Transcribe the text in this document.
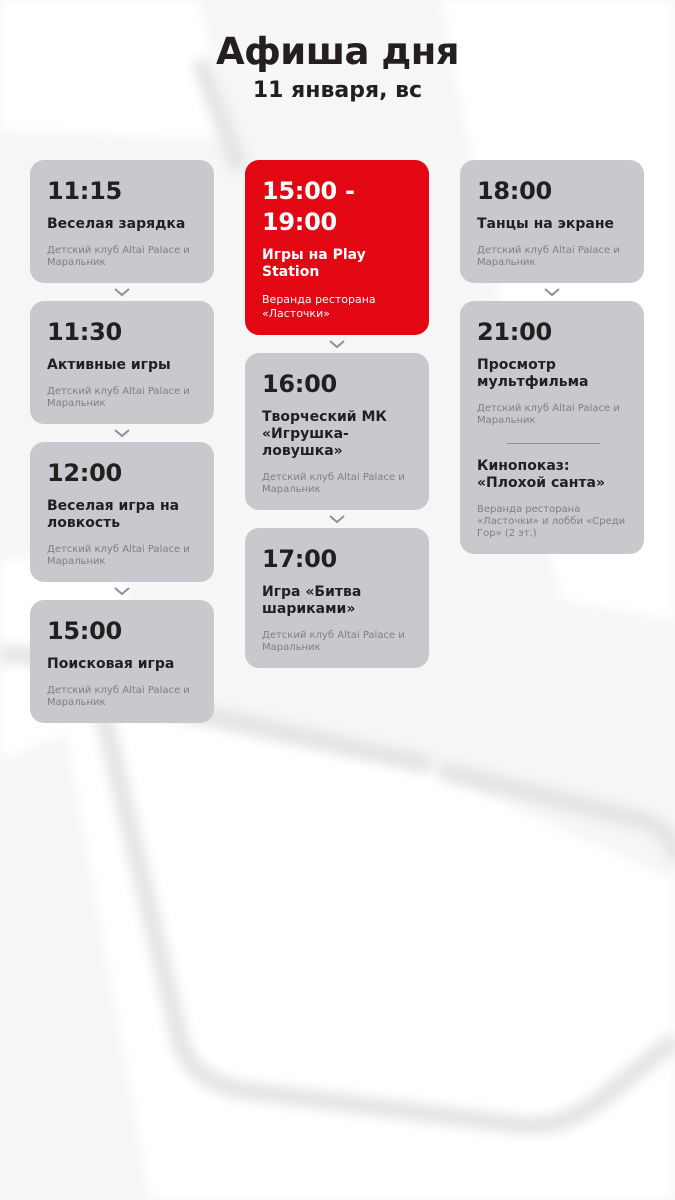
Афиша дня
11 января, вс
11:15
Веселая зарядка
Детский клуб Altai Palace и Маральник
11:30
Активные игры
Детский клуб Altai Palace и Маральник
12:00
Веселая игра на ловкость
Детский клуб Altai Palace и Маральник
15:00
Поисковая игра
Детский клуб Altai Palace и Маральник
15:00 - 19:00
Игры на Play Station
Веранда ресторана «Ласточки»
16:00
Творческий МК «Игрушка-ловушка»
Детский клуб Altai Palace и Маральник
17:00
Игра «Битва шариками»
Детский клуб Altai Palace и Маральник
18:00
Танцы на экране
Детский клуб Altai Palace и Маральник
21:00
Просмотр мультфильма
Детский клуб Altai Palace и Маральник
Кинопоказ: «Плохой санта»
Веранда ресторана «Ласточки» и лобби «Среди Гор» (2 эт.)
